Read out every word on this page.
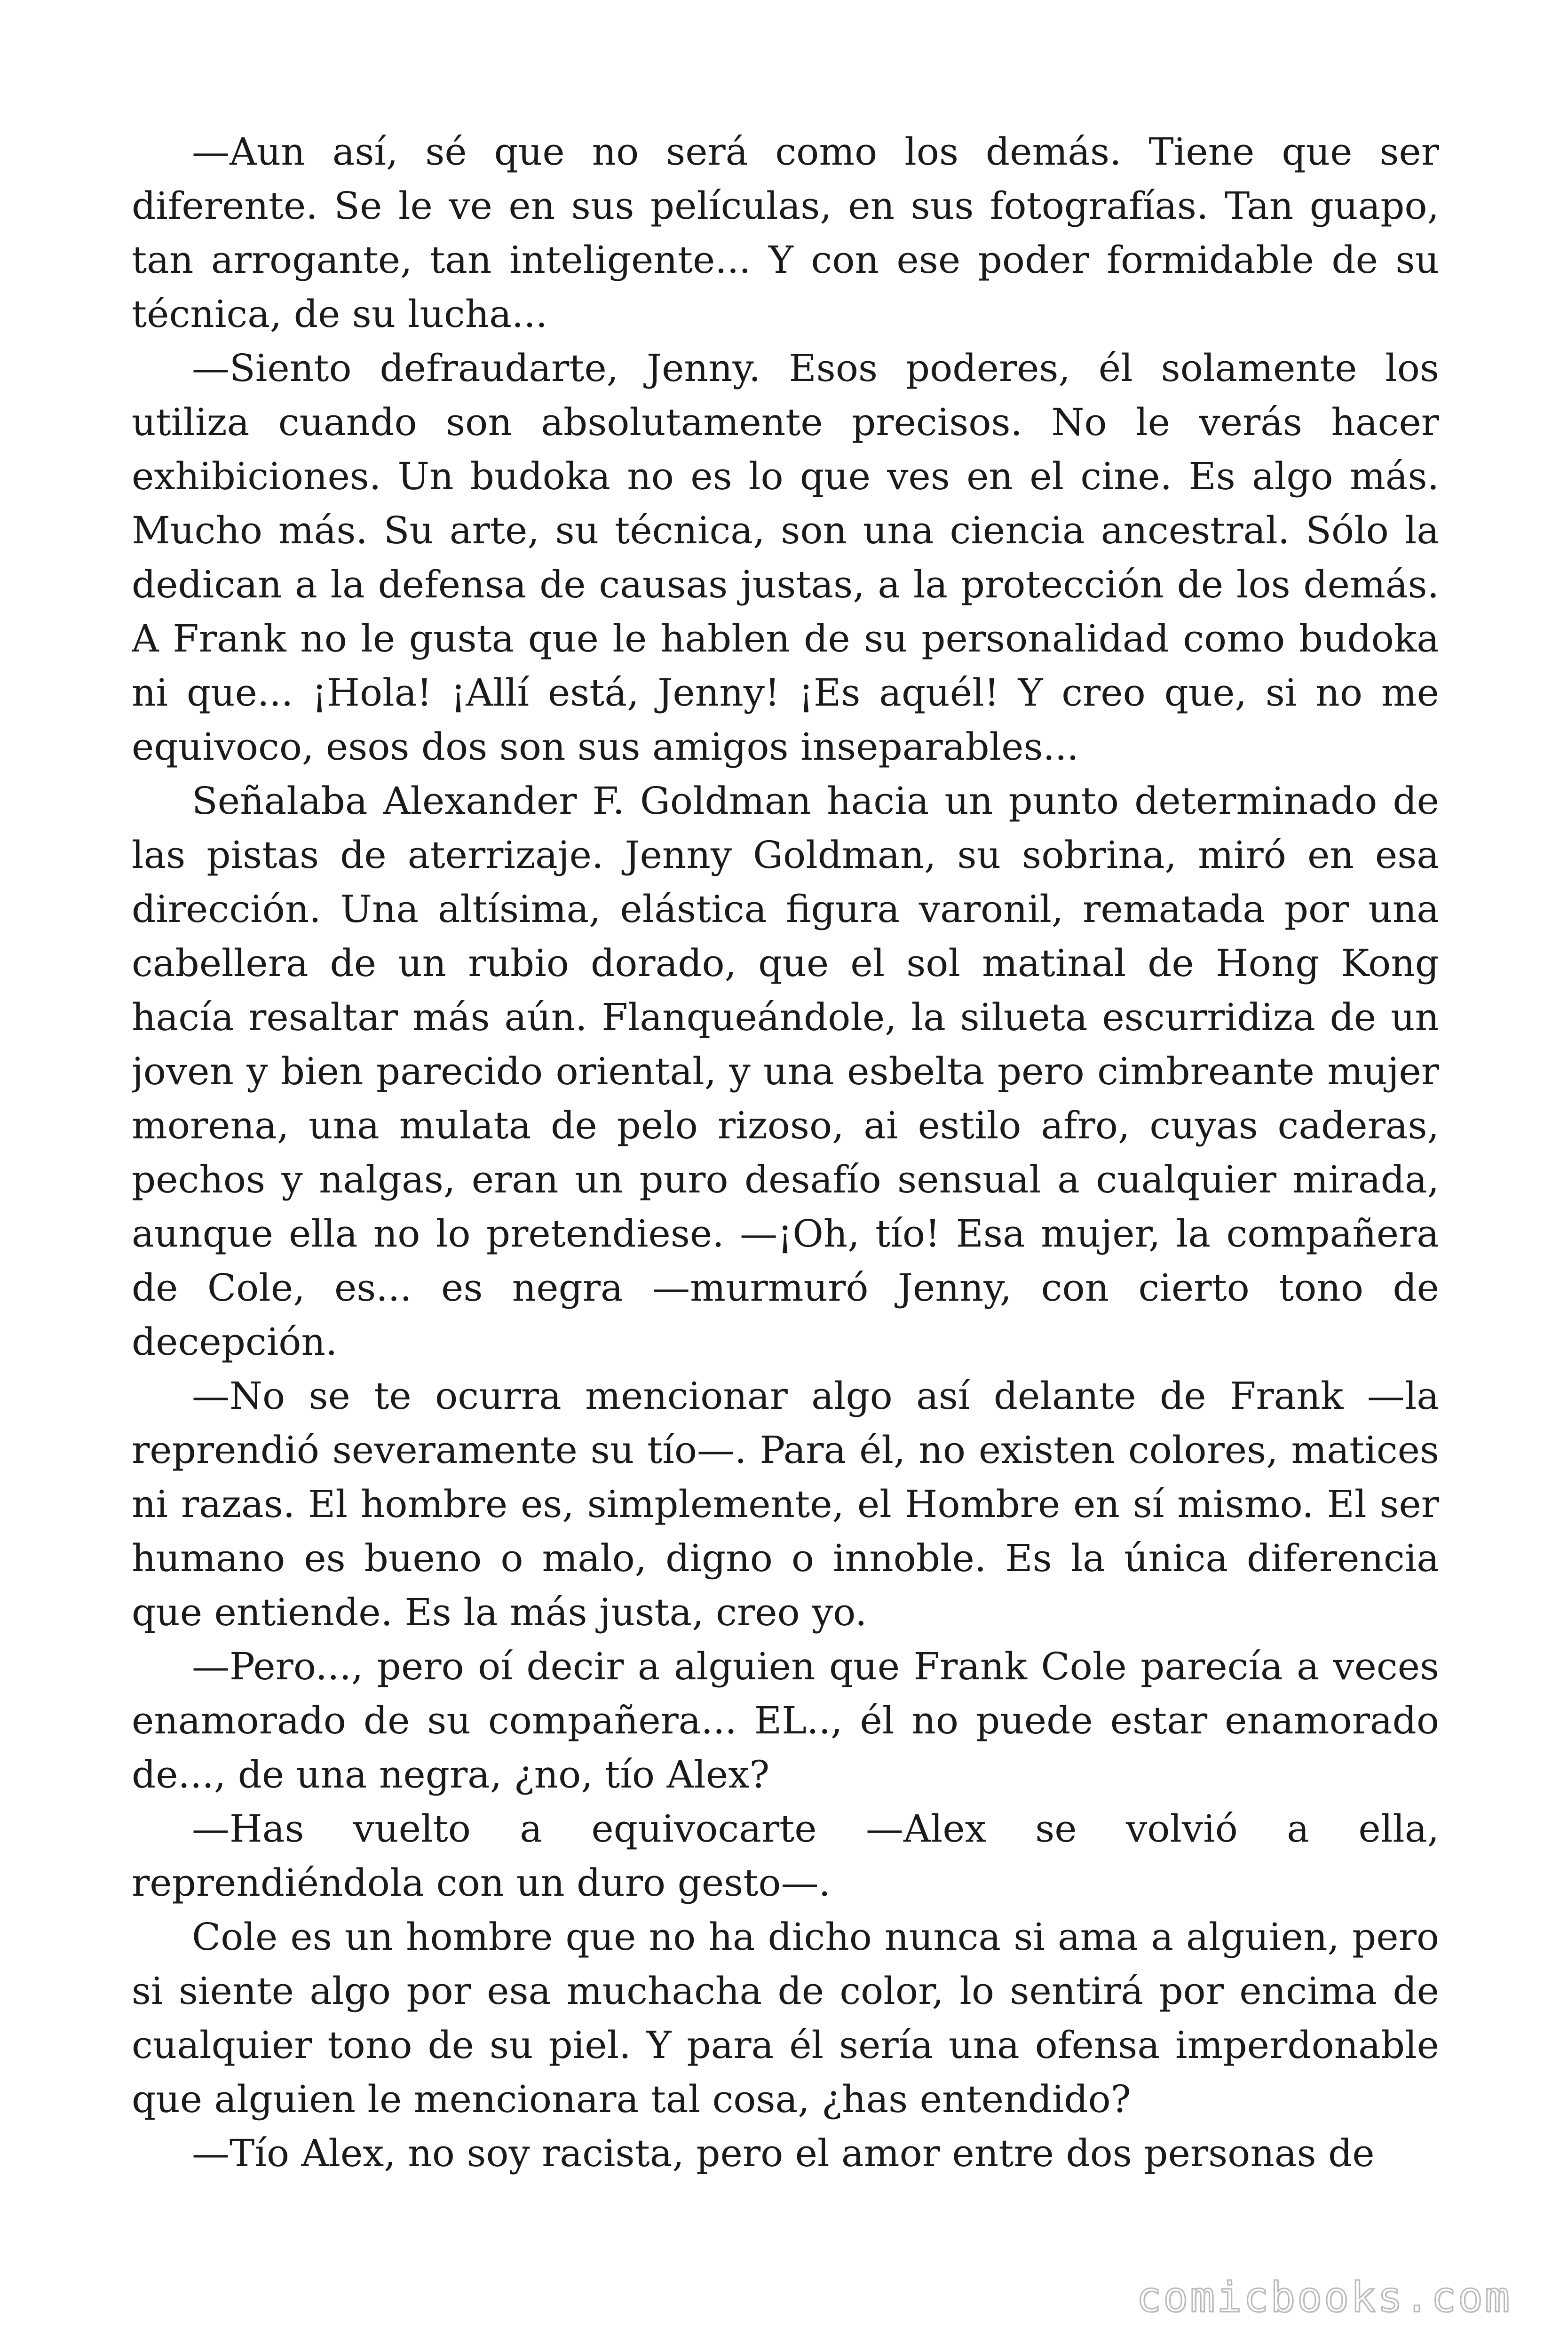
—Aun así, sé que no será como los demás. Tiene que ser diferente. Se le ve en sus películas, en sus fotografías. Tan guapo, tan arrogante, tan inteligente... Y con ese poder formidable de su técnica, de su lucha...

—Siento defraudarte, Jenny. Esos poderes, él solamente los utiliza cuando son absolutamente precisos. No le verás hacer exhibiciones. Un budoka no es lo que ves en el cine. Es algo más. Mucho más. Su arte, su técnica, son una ciencia ancestral. Sólo la dedican a la defensa de causas justas, a la protección de los demás. A Frank no le gusta que le hablen de su personalidad como budoka ni que... ¡Hola! ¡Allí está, Jenny! ¡Es aquél! Y creo que, si no me equivoco, esos dos son sus amigos inseparables...

Señalaba Alexander F. Goldman hacia un punto determinado de las pistas de aterrizaje. Jenny Goldman, su sobrina, miró en esa dirección. Una altísima, elástica figura varonil, rematada por una cabellera de un rubio dorado, que el sol matinal de Hong Kong hacía resaltar más aún. Flanqueándole, la silueta escurridiza de un joven y bien parecido oriental, y una esbelta pero cimbreante mujer morena, una mulata de pelo rizoso, ai estilo afro, cuyas caderas, pechos y nalgas, eran un puro desafío sensual a cualquier mirada, aunque ella no lo pretendiese. —¡Oh, tío! Esa mujer, la compañera de Cole, es... es negra —murmuró Jenny, con cierto tono de decepción.

—No se te ocurra mencionar algo así delante de Frank —la reprendió severamente su tío—. Para él, no existen colores, matices ni razas. El hombre es, simplemente, el Hombre en sí mismo. El ser humano es bueno o malo, digno o innoble. Es la única diferencia que entiende. Es la más justa, creo yo.

—Pero..., pero oí decir a alguien que Frank Cole parecía a veces enamorado de su compañera... EL.., él no puede estar enamorado de..., de una negra, ¿no, tío Alex?

—Has vuelto a equivocarte —Alex se volvió a ella, reprendiéndola con un duro gesto—.

Cole es un hombre que no ha dicho nunca si ama a alguien, pero si siente algo por esa muchacha de color, lo sentirá por encima de cualquier tono de su piel. Y para él sería una ofensa imperdonable que alguien le mencionara tal cosa, ¿has entendido?

—Tío Alex, no soy racista, pero el amor entre dos personas de

comicbooks.com
